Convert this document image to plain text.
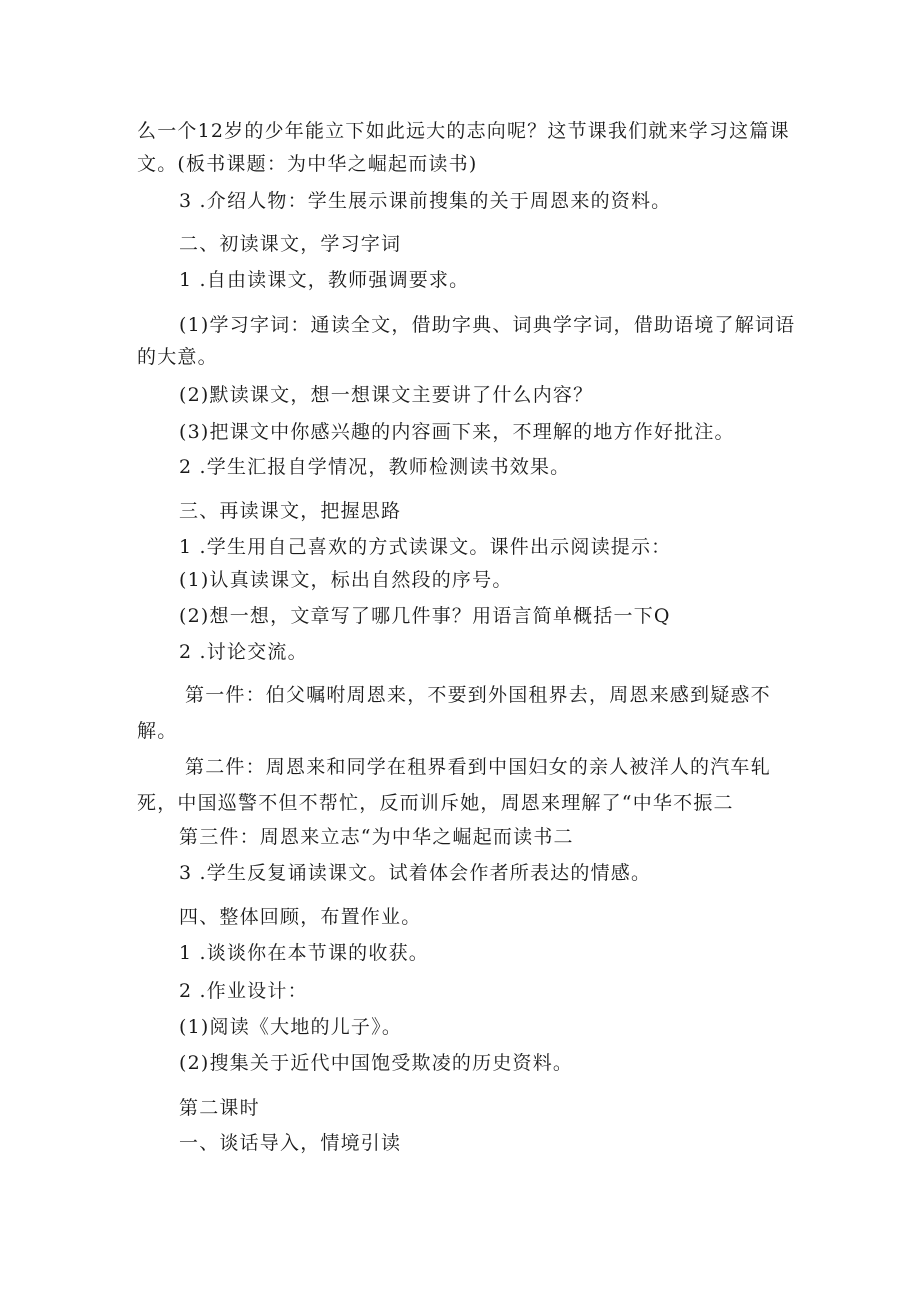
么一个12岁的少年能立下如此远大的志向呢？这节课我们就来学习这篇课
文。(板书课题：为中华之崛起而读书)
3 .介绍人物：学生展示课前搜集的关于周恩来的资料。
二、初读课文，学习字词
1 .自由读课文，教师强调要求。
(1)学习字词：通读全文，借助字典、词典学字词，借助语境了解词语
的大意。
(2)默读课文，想一想课文主要讲了什么内容？
(3)把课文中你感兴趣的内容画下来，不理解的地方作好批注。
2 .学生汇报自学情况，教师检测读书效果。
三、再读课文，把握思路
1 .学生用自己喜欢的方式读课文。课件出示阅读提示：
(1)认真读课文，标出自然段的序号。
(2)想一想，文章写了哪几件事？用语言简单概括一下Q
2 .讨论交流。
第一件：伯父嘱咐周恩来，不要到外国租界去，周恩来感到疑惑不
解。
第二件：周恩来和同学在租界看到中国妇女的亲人被洋人的汽车轧
死，中国巡警不但不帮忙，反而训斥她，周恩来理解了“中华不振二
第三件：周恩来立志“为中华之崛起而读书二
3 .学生反复诵读课文。试着体会作者所表达的情感。
四、整体回顾，布置作业。
1 .谈谈你在本节课的收获。
2 .作业设计：
(1)阅读《大地的儿子》。
(2)搜集关于近代中国饱受欺凌的历史资料。
第二课时
一、谈话导入，情境引读
